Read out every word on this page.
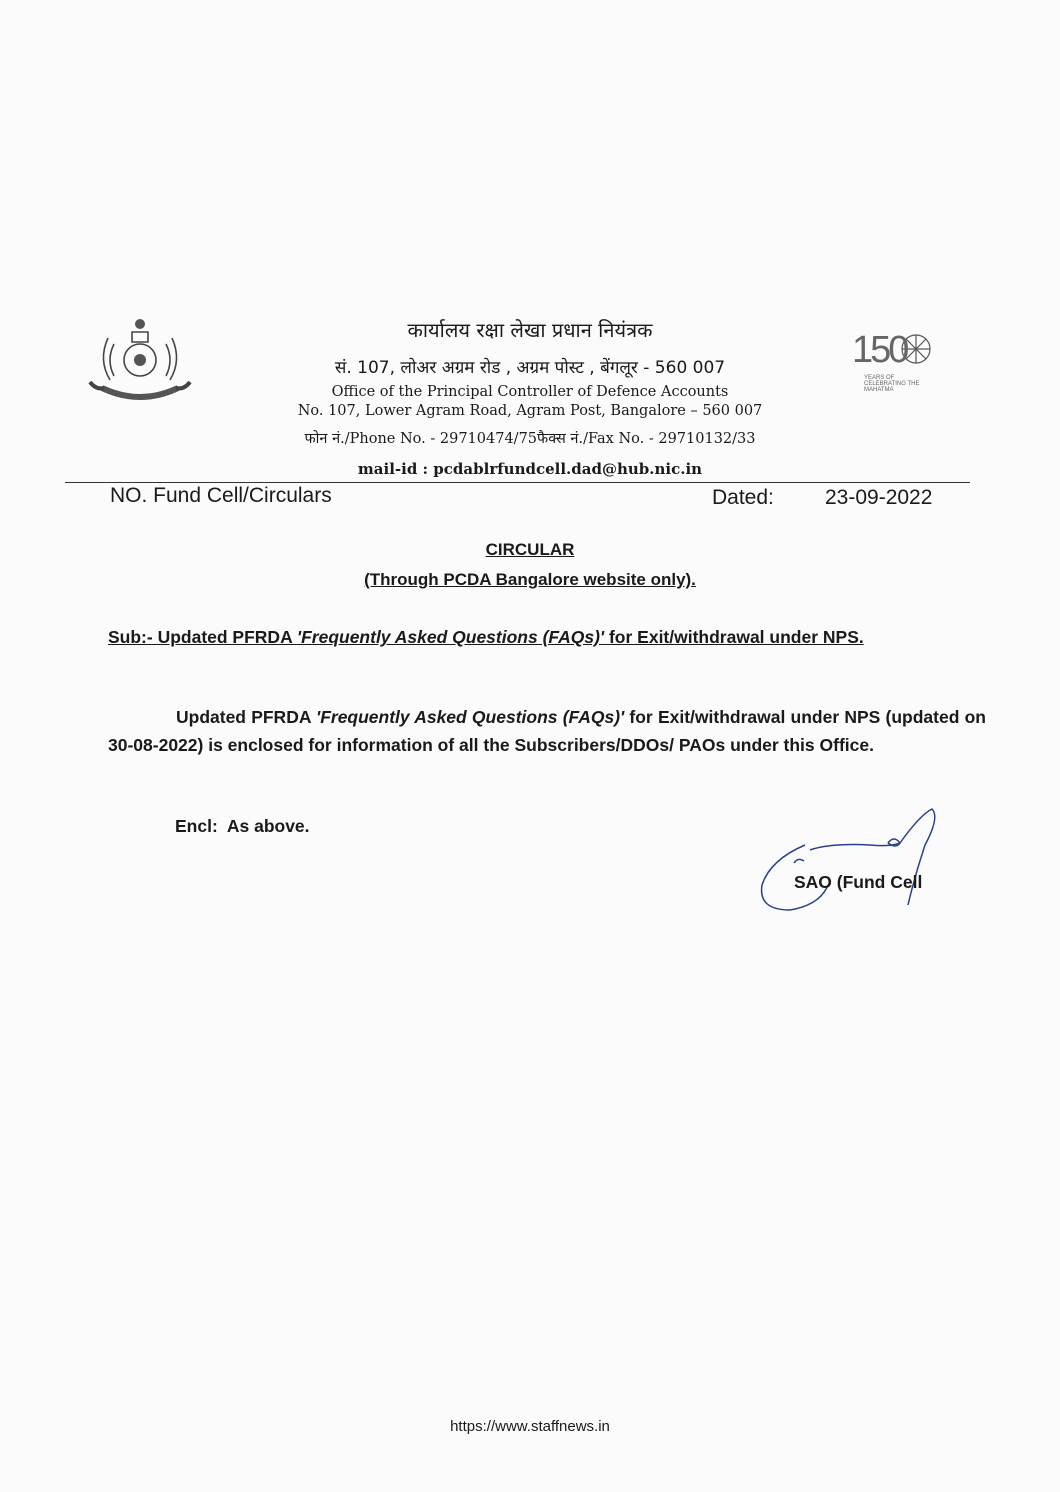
150
YEARS OF CELEBRATING THE MAHATMA
कार्यालय रक्षा लेखा प्रधान नियंत्रक
सं. 107, लोअर अग्रम रोड , अग्रम पोस्ट , बेंगलूर - 560 007
Office of the Principal Controller of Defence Accounts
No. 107, Lower Agram Road, Agram Post, Bangalore – 560 007
फोन नं./Phone No. - 29710474/75फैक्स नं./Fax No. - 29710132/33
mail-id : pcdablrfundcell.dad@hub.nic.in
NO. Fund Cell/Circulars	Dated: 23-09-2022
CIRCULAR
(Through PCDA Bangalore website only).
Sub:- Updated PFRDA 'Frequently Asked Questions (FAQs)' for Exit/withdrawal under NPS.
Updated PFRDA 'Frequently Asked Questions (FAQs)' for Exit/withdrawal under NPS (updated on 30-08-2022) is enclosed for information of all the Subscribers/DDOs/ PAOs under this Office.
Encl:  As above.
SAO (Fund Cell
https://www.staffnews.in
